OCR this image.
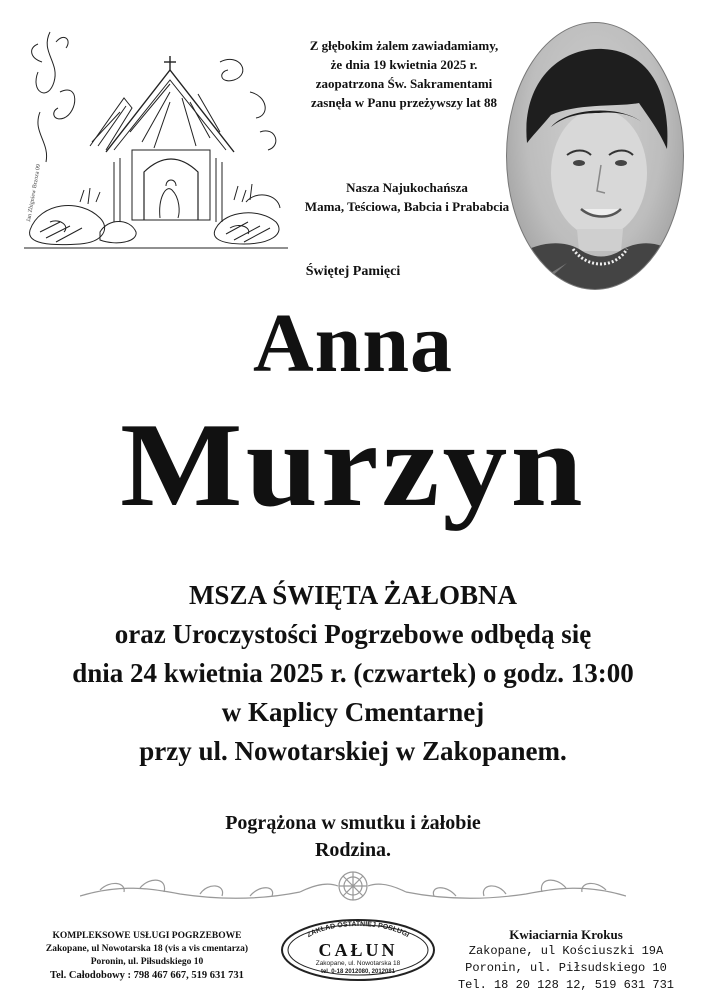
Jan Zbigniew Brzoza 09

Z głębokim żalem zawiadamiamy,

że dnia 19 kwietnia 2025 r.

zaopatrzona Św. Sakramentami

zasnęła w Panu przeżywszy lat 88

Nasza Najukochańsza
Mama, Teściowa, Babcia i Prababcia
Świętej Pamięci
Anna
Murzyn
MSZA ŚWIĘTA ŻAŁOBNA
oraz Uroczystości Pogrzebowe odbędą się
dnia 24 kwietnia 2025 r. (czwartek) o godz. 13:00
w Kaplicy Cmentarnej
przy ul. Nowotarskiej w Zakopanem.
Pogrążona w smutku i żałobie
Rodzina.
KOMPLEKSOWE USŁUGI POGRZEBOWE
Zakopane, ul Nowotarska 18 (vis a vis cmentarza)
Poronin, ul. Piłsudskiego 10
Tel. Całodobowy : 798 467 667, 519 631 731
ZAKŁAD OSTATNIEJ POSŁUGI
CAŁUN
Zakopane, ul. Nowotarska 18
tel. 0-18 2012080, 2012081
Kwiaciarnia Krokus
Zakopane, ul Kościuszki 19A
Poronin, ul. Piłsudskiego 10
Tel. 18 20 128 12, 519 631 731
